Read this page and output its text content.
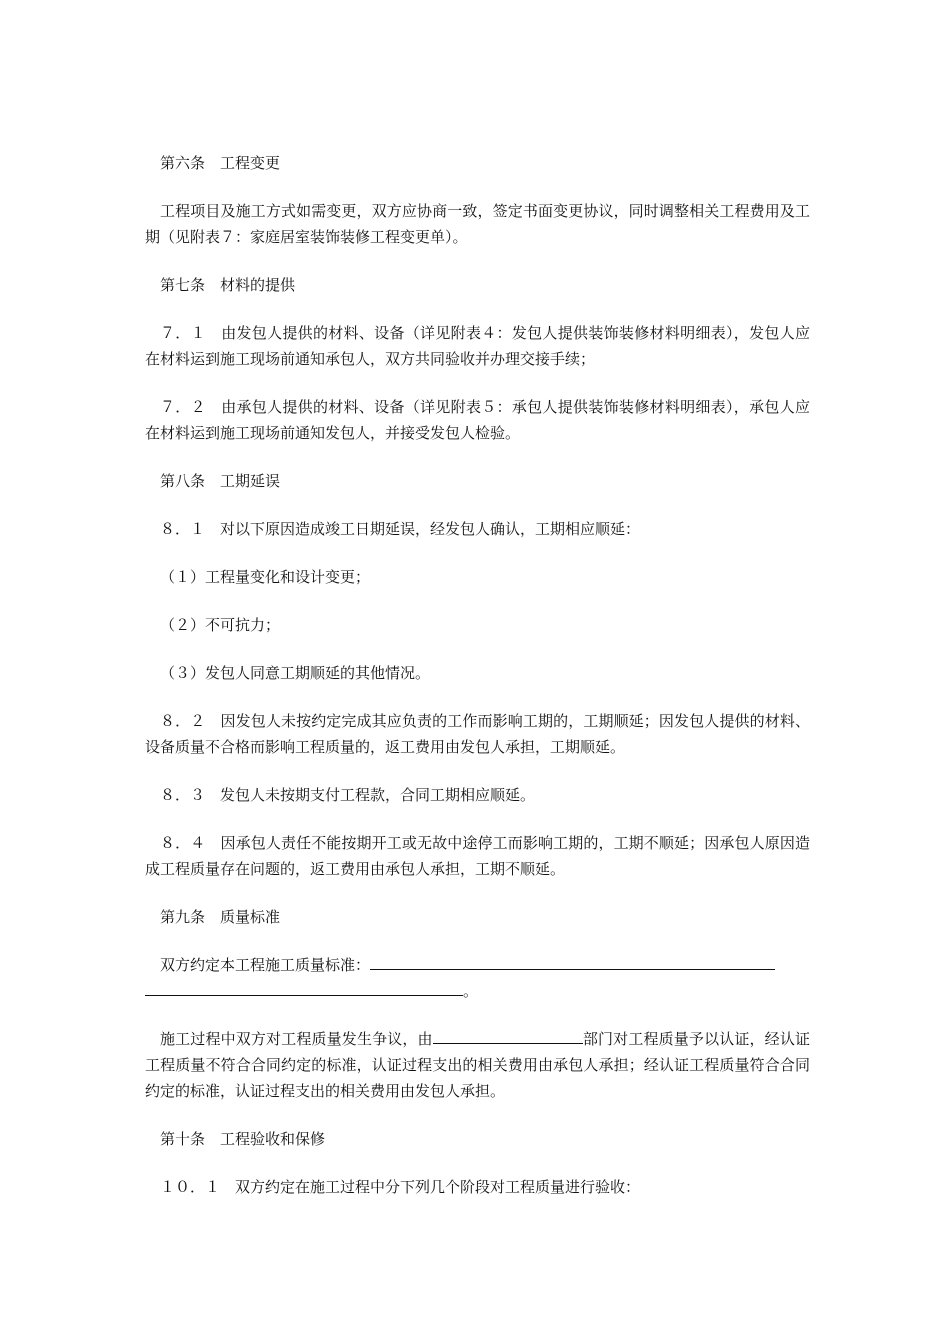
第六条　工程变更

工程项目及施工方式如需变更，双方应协商一致，签定书面变更协议，同时调整相关工程费用及工期（见附表７：家庭居室装饰装修工程变更单）。

第七条　材料的提供

７．１　由发包人提供的材料、设备（详见附表４：发包人提供装饰装修材料明细表），发包人应在材料运到施工现场前通知承包人，双方共同验收并办理交接手续；

７．２　由承包人提供的材料、设备（详见附表５：承包人提供装饰装修材料明细表），承包人应在材料运到施工现场前通知发包人，并接受发包人检验。

第八条　工期延误

８．１　对以下原因造成竣工日期延误，经发包人确认，工期相应顺延：

（１）工程量变化和设计变更；

（２）不可抗力；

（３）发包人同意工期顺延的其他情况。

８．２　因发包人未按约定完成其应负责的工作而影响工期的，工期顺延；因发包人提供的材料、设备质量不合格而影响工程质量的，返工费用由发包人承担，工期顺延。

８．３　发包人未按期支付工程款，合同工期相应顺延。

８．４　因承包人责任不能按期开工或无故中途停工而影响工期的，工期不顺延；因承包人原因造成工程质量存在问题的，返工费用由承包人承担，工期不顺延。

第九条　质量标准

双方约定本工程施工质量标准：
。

施工过程中双方对工程质量发生争议，由	部门对工程质量予以认证，经认证工程质量不符合合同约定的标准，认证过程支出的相关费用由承包人承担；经认证工程质量符合合同约定的标准，认证过程支出的相关费用由发包人承担。

第十条　工程验收和保修

１０．１　双方约定在施工过程中分下列几个阶段对工程质量进行验收：
